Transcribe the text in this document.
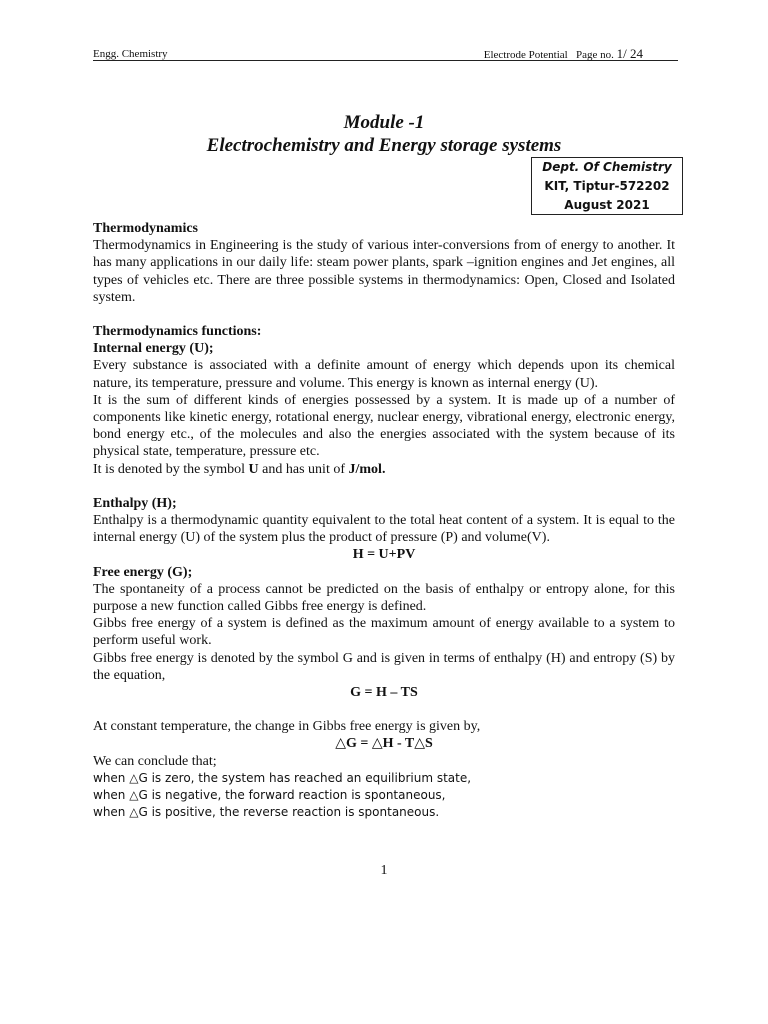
Engg. Chemistry	Electrode Potential   Page no. 1/ 24
Module -1
Electrochemistry and Energy storage systems
Dept. Of Chemistry
KIT, Tiptur-572202
August 2021

Thermodynamics

Thermodynamics in Engineering is the study of various inter-conversions from of energy to another. It has many applications in our daily life: steam power plants, spark –ignition engines and Jet engines, all types of vehicles etc. There are three possible systems in thermodynamics: Open, Closed and Isolated system.

Thermodynamics functions:

Internal energy (U);

Every substance is associated with a definite amount of energy which depends upon its chemical nature, its temperature, pressure and volume. This energy is known as internal energy (U).

It is the sum of different kinds of energies possessed by a system. It is made up of a number of components like kinetic energy, rotational energy, nuclear energy, vibrational energy, electronic energy, bond energy etc., of the molecules and also the energies associated with the system because of its physical state, temperature, pressure etc.

It is denoted by the symbol U and has unit of J/mol.

Enthalpy (H);

Enthalpy is a thermodynamic quantity equivalent to the total heat content of a system. It is equal to the internal energy (U) of the system plus the product of pressure (P) and volume(V).

H = U+PV

Free energy (G);

The spontaneity of a process cannot be predicted on the basis of enthalpy or entropy alone, for this purpose a new function called Gibbs free energy is defined.

Gibbs free energy of a system is defined as the maximum amount of energy available to a system to perform useful work.

Gibbs free energy is denoted by the symbol G and is given in terms of enthalpy (H) and entropy (S) by the equation,

G = H – TS

At constant temperature, the change in Gibbs free energy is given by,

△G = △H - T△S

We can conclude that;

when △G is zero, the system has reached an equilibrium state,

when △G is negative, the forward reaction is spontaneous,

when △G is positive, the reverse reaction is spontaneous.

1
